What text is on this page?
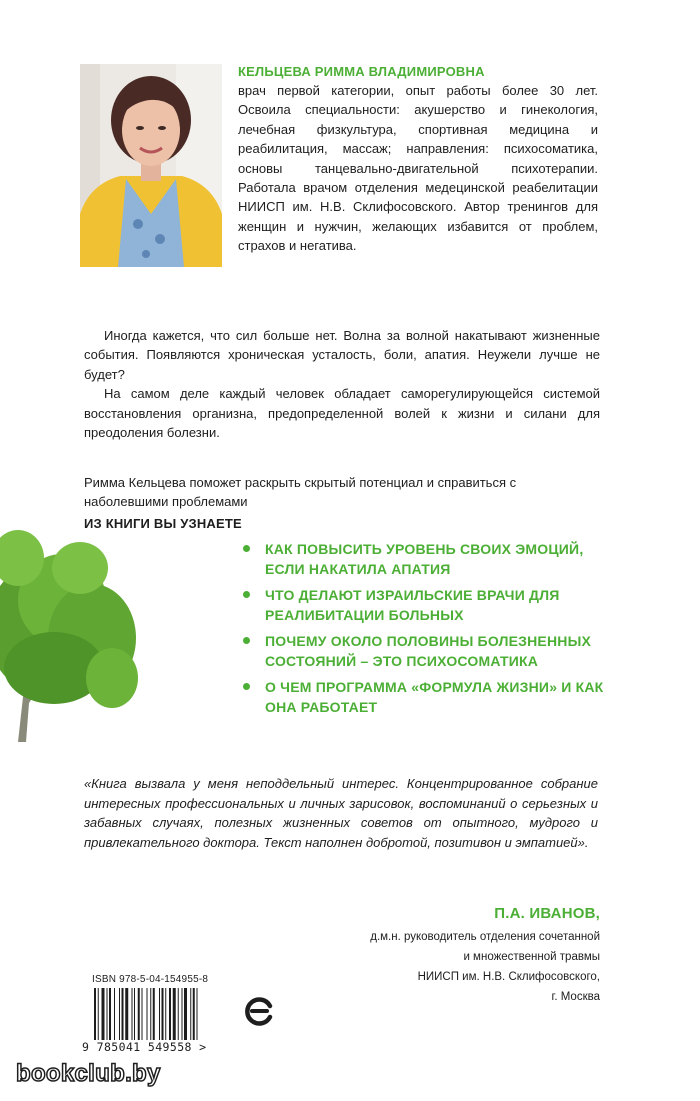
КЕЛЬЦЕВА РИММА ВЛАДИМИРОВНА

врач первой категории, опыт работы более 30 лет. Освоила специальности: акушерство и гинекология, лечебная физкультура, спортивная медицина и реабилитация, массаж; направления: психосоматика, основы танцевально-двигательной психотерапии. Работала врачом отделения медецинской реабелитации НИИСП им. Н.В. Склифосовского. Автор тренингов для женщин и нужчин, желающих избавится от проблем, страхов и негатива.

Иногда кажется, что сил больше нет. Волна за волной накатывают жизненные события. Появляются хроническая усталость, боли, апатия. Неужели лучше не будет?

На самом деле каждый человек обладает саморегулирующейся системой восстановления организна, предопределенной волей к жизни и силани для преодоления болезни.

Римма Кельцева поможет раскрыть скрытый потенциал и справиться с наболевшими проблемами

ИЗ КНИГИ ВЫ УЗНАЕТЕ

КАК ПОВЫСИТЬ УРОВЕНЬ СВОИХ ЭМОЦИЙ, ЕСЛИ НАКАТИЛА АПАТИЯ
ЧТО ДЕЛАЮТ ИЗРАИЛЬСКИЕ ВРАЧИ ДЛЯ РЕАЛИБИТАЦИИ БОЛЬНЫХ
ПОЧЕМУ ОКОЛО ПОЛОВИНЫ БОЛЕЗНЕННЫХ СОСТОЯНИЙ – ЭТО ПСИХОСОМАТИКА
О ЧЕМ ПРОГРАММА «ФОРМУЛА ЖИЗНИ» И КАК ОНА РАБОТАЕТ

«Книга вызвала у меня неподдельный интерес. Концентрированное собрание интересных профессиональных и личных зарисовок, воспоминаний о серьезных и забавных случаях, полезных жизненных советов от опытного, мудрого и привлекательного доктора. Текст наполнен добротой, позитивон и эмпатией».

П.А. ИВАНОВ,

д.м.н. руководитель отделения сочетанной
и множественной травмы
НИИСП им. Н.В. Склифосовского,
г. Москва

ISBN 978-5-04-154955-8

9 785041 549558 >

bookclub.by
